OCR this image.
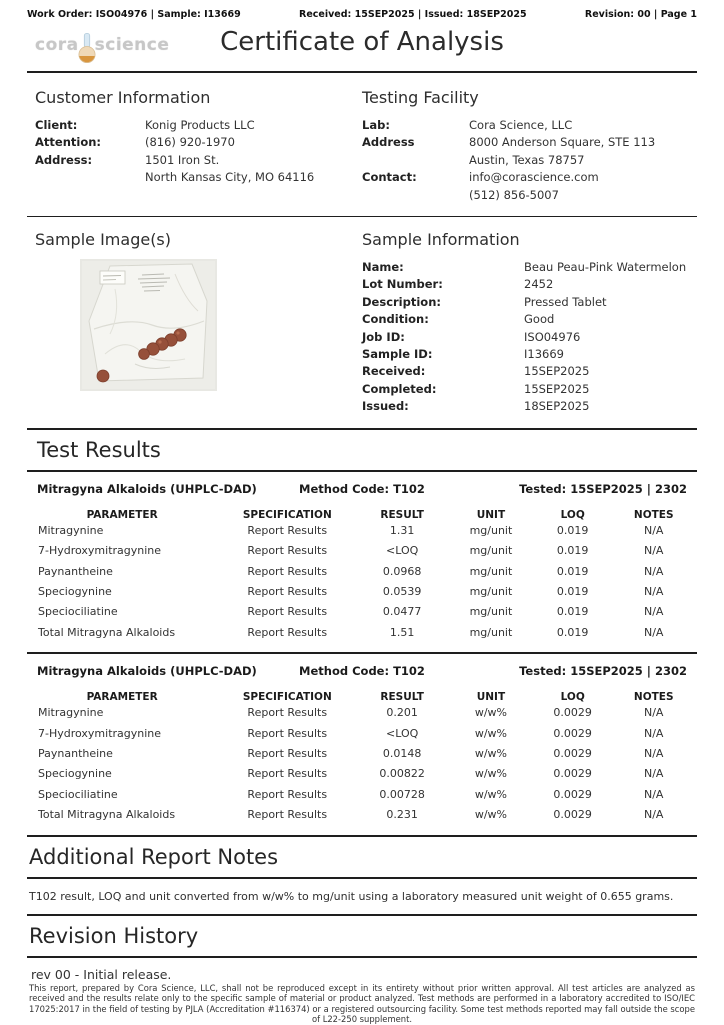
Work Order: ISO04976 | Sample: I13669	Received: 15SEP2025 | Issued: 18SEP2025	Revision: 00 | Page 1
cora science	Certificate of Analysis
Customer Information
Client:	Konig Products LLC
Attention:	(816) 920-1970
Address:	1501 Iron St.
North Kansas City, MO 64116
Testing Facility
Lab:	Cora Science, LLC
Address	8000 Anderson Square, STE 113
Austin, Texas 78757
Contact:	info@corascience.com
(512) 856-5007
Sample Image(s)	Sample Information
Name:	Beau Peau-Pink Watermelon
Lot Number:	2452
Description:	Pressed Tablet
Condition:	Good
Job ID:	ISO04976
Sample ID:	I13669
Received:	15SEP2025
Completed:	15SEP2025
Issued:	18SEP2025
Test Results
Mitragyna Alkaloids (UHPLC-DAD)	Method Code: T102	Tested: 15SEP2025 | 2302
PARAMETER	SPECIFICATION	RESULT	UNIT	LOQ	NOTES
Mitragynine	Report Results	1.31	mg/unit	0.019	N/A
7-Hydroxymitragynine	Report Results	<LOQ	mg/unit	0.019	N/A
Paynantheine	Report Results	0.0968	mg/unit	0.019	N/A
Speciogynine	Report Results	0.0539	mg/unit	0.019	N/A
Speciociliatine	Report Results	0.0477	mg/unit	0.019	N/A
Total Mitragyna Alkaloids	Report Results	1.51	mg/unit	0.019	N/A
Mitragyna Alkaloids (UHPLC-DAD)	Method Code: T102	Tested: 15SEP2025 | 2302
PARAMETER	SPECIFICATION	RESULT	UNIT	LOQ	NOTES
Mitragynine	Report Results	0.201	w/w%	0.0029	N/A
7-Hydroxymitragynine	Report Results	<LOQ	w/w%	0.0029	N/A
Paynantheine	Report Results	0.0148	w/w%	0.0029	N/A
Speciogynine	Report Results	0.00822	w/w%	0.0029	N/A
Speciociliatine	Report Results	0.00728	w/w%	0.0029	N/A
Total Mitragyna Alkaloids	Report Results	0.231	w/w%	0.0029	N/A
Additional Report Notes

T102 result, LOQ and unit converted from w/w% to mg/unit using a laboratory measured unit weight of 0.655 grams.

Revision History

rev 00 - Initial release.

This report, prepared by Cora Science, LLC, shall not be reproduced except in its entirety without prior written approval. All test articles are analyzed as received and the results relate only to the specific sample of material or product analyzed. Test methods are performed in a laboratory accredited to ISO/IEC 17025:2017 in the field of testing by PJLA (Accreditation #116374) or a registered outsourcing facility. Some test methods reported may fall outside the scope of L22-250 supplement.
